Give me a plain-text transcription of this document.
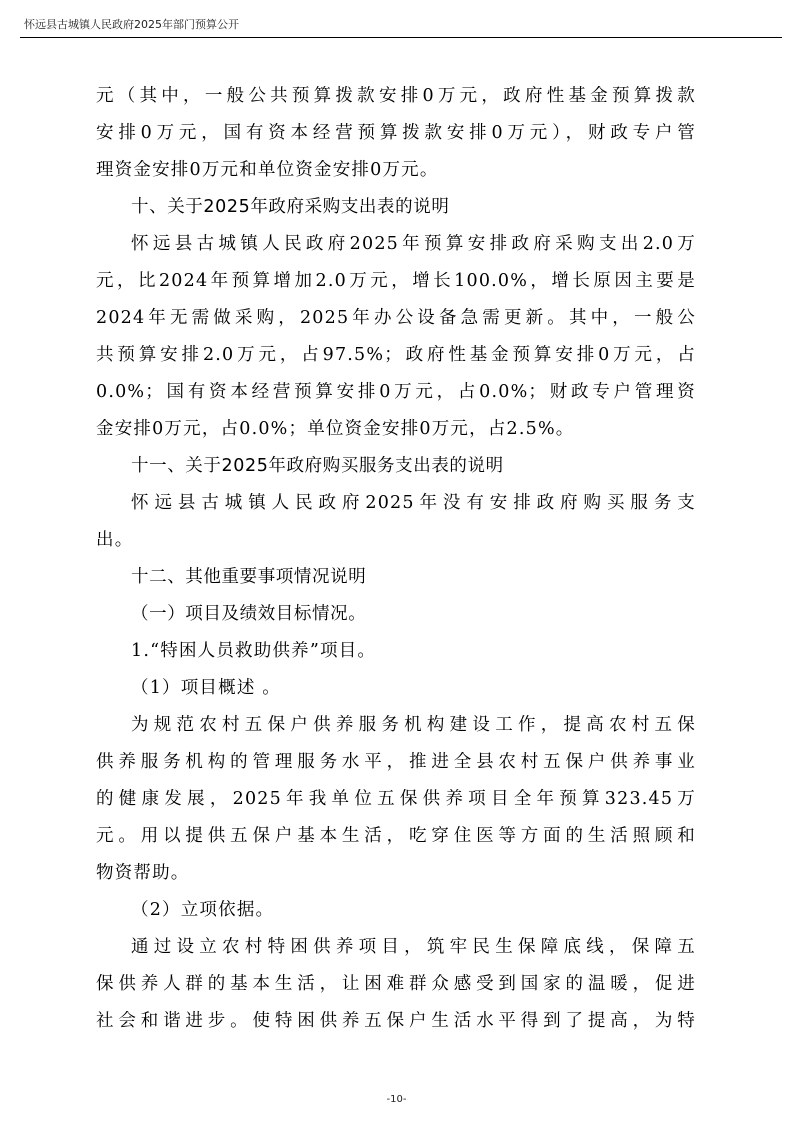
怀远县古城镇人民政府2025年部门预算公开
元（其中，一般公共预算拨款安排0万元，政府性基金预算拨款
安排0万元，国有资本经营预算拨款安排0万元），财政专户管
理资金安排0万元和单位资金安排0万元。
十、关于2025年政府采购支出表的说明
怀远县古城镇人民政府2025年预算安排政府采购支出2.0万
元，比2024年预算增加2.0万元，增长100.0%，增长原因主要是
2024年无需做采购，2025年办公设备急需更新。其中，一般公
共预算安排2.0万元，占97.5%；政府性基金预算安排0万元，占
0.0%；国有资本经营预算安排0万元，占0.0%；财政专户管理资
金安排0万元，占0.0%；单位资金安排0万元，占2.5%。
十一、关于2025年政府购买服务支出表的说明
怀远县古城镇人民政府2025年没有安排政府购买服务支
出。
十二、其他重要事项情况说明
（一）项目及绩效目标情况。
1.“特困人员救助供养”项目。
（1）项目概述 。
为规范农村五保户供养服务机构建设工作，提高农村五保
供养服务机构的管理服务水平，推进全县农村五保户供养事业
的健康发展，2025年我单位五保供养项目全年预算323.45万
元。用以提供五保户基本生活，吃穿住医等方面的生活照顾和
物资帮助。
（2）立项依据。
通过设立农村特困供养项目，筑牢民生保障底线，保障五
保供养人群的基本生活，让困难群众感受到国家的温暖，促进
社会和谐进步。使特困供养五保户生活水平得到了提高，为特
-10-
